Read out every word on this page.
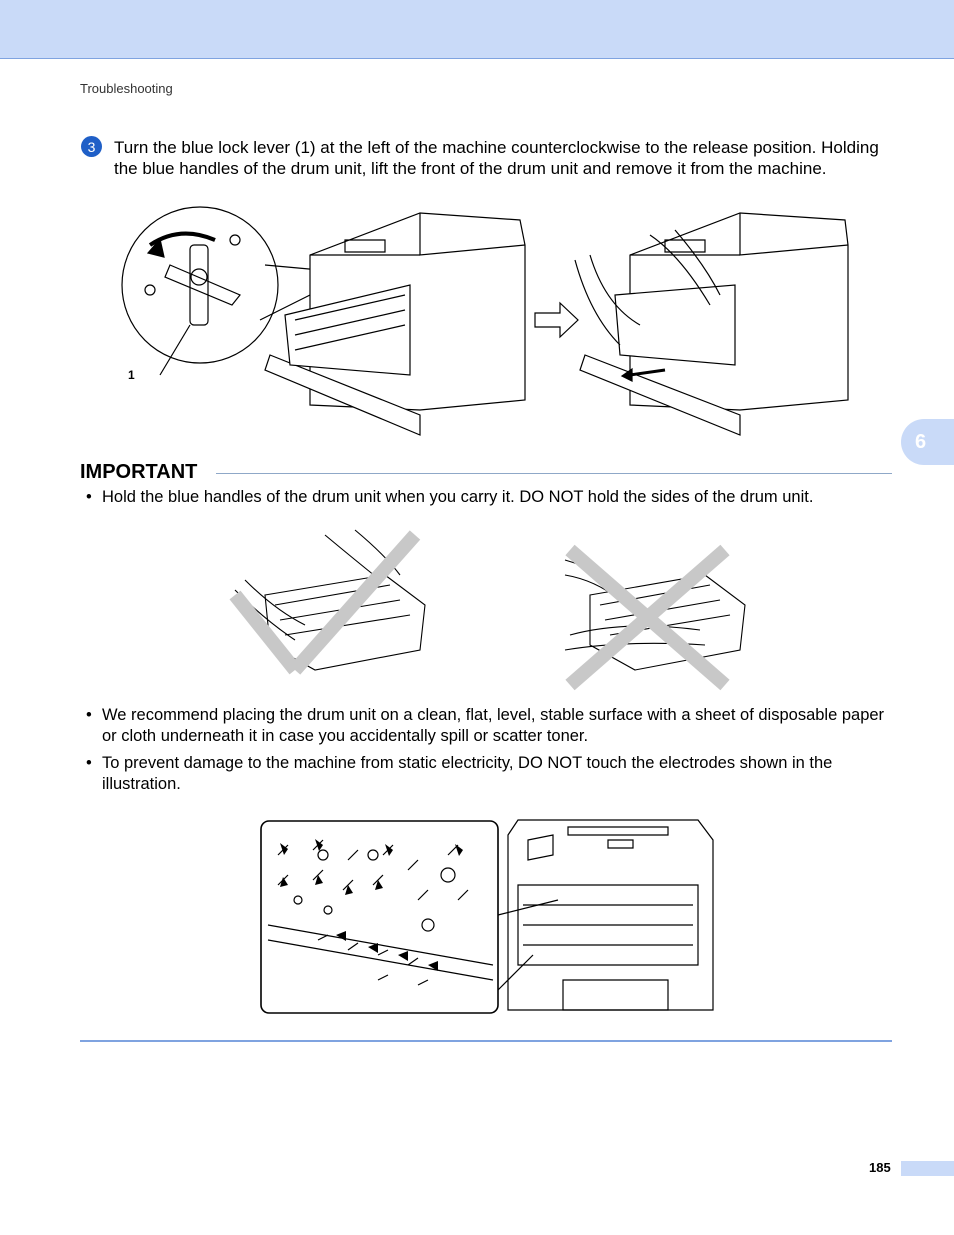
Troubleshooting
3	Turn the blue lock lever (1) at the left of the machine counterclockwise to the release position. Holding the blue handles of the drum unit, lift the front of the drum unit and remove it from the machine.
1
6
IMPORTANT
• Hold the blue handles of the drum unit when you carry it. DO NOT hold the sides of the drum unit.
• We recommend placing the drum unit on a clean, flat, level, stable surface with a sheet of disposable paper or cloth underneath it in case you accidentally spill or scatter toner.
• To prevent damage to the machine from static electricity, DO NOT touch the electrodes shown in the illustration.
185
